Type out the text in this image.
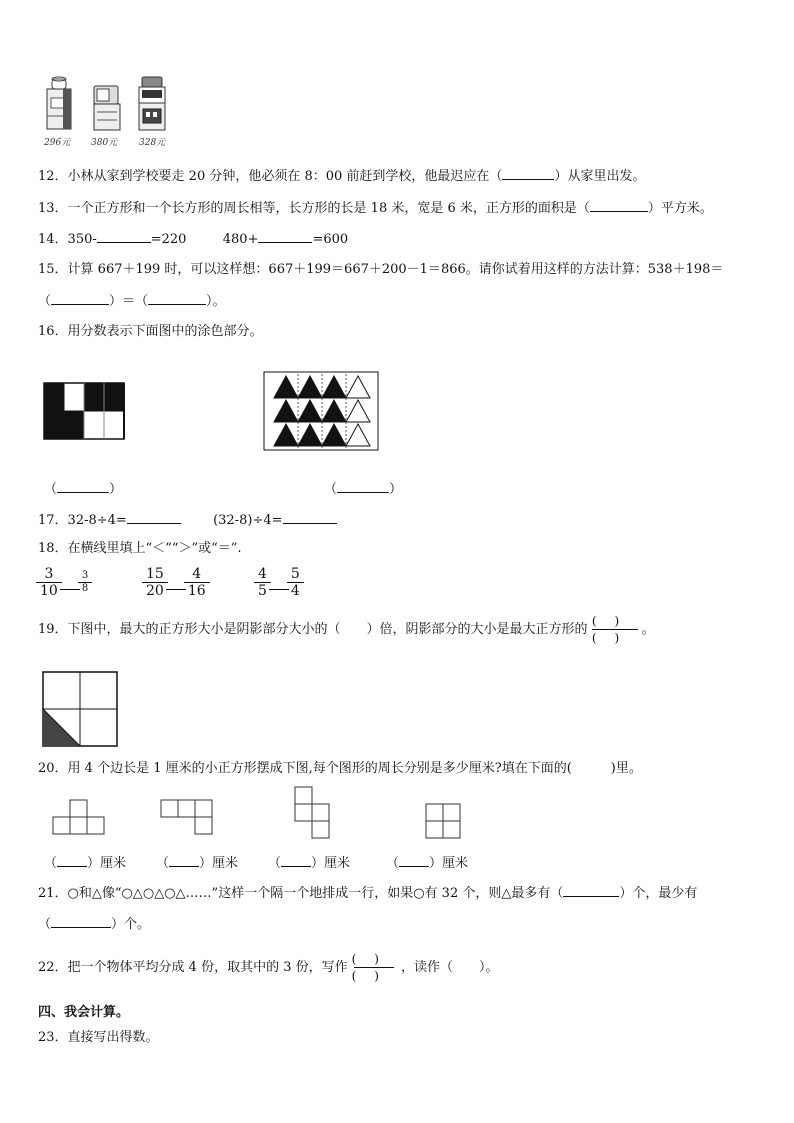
296元 380元 328元
12．小林从家到学校要走 20 分钟，他必须在 8：00 前赶到学校，他最迟应在（	）从家里出发。
13．一个正方形和一个长方形的周长相等，长方形的长是 18 米，宽是 6 米，正方形的面积是（	）平方米。
14．350-	=220	480+	=600
15．计算 667＋199 时，可以这样想：667＋199＝667＋200－1＝866。请你试着用这样的方法计算：538＋198＝
（	）＝（	）。
16．用分数表示下面图中的涂色部分。
（	）	（	）
17．32-8÷4=	(32-8)÷4=
18．在横线里填上“＜”“＞”或“＝”.
$\frac{3}{10} \frac{3}{8}$	$\frac{15}{20} \frac{4}{16}$	$\frac{4}{5} \frac{5}{4}$
19．下图中，最大的正方形大小是阴影部分大小的（　　）倍，阴影部分的大小是最大正方形的 $\frac{()}{()}$ 。
20．用 4 个边长是 1 厘米的小正方形摆成下图,每个图形的周长分别是多少厘米?填在下面的(　　　)里。
（ ）厘米 （ ）厘米 （ ）厘米	（ ）厘米
21．○和△像“○△○△○△……”这样一个隔一个地排成一行，如果○有 32 个，则△最多有（	）个，最少有
（	）个。
22．把一个物体平均分成 4 份，取其中的 3 份，写作 $\frac{()}{()}$ ，读作（　　）。
四、我会计算。
23．直接写出得数。
